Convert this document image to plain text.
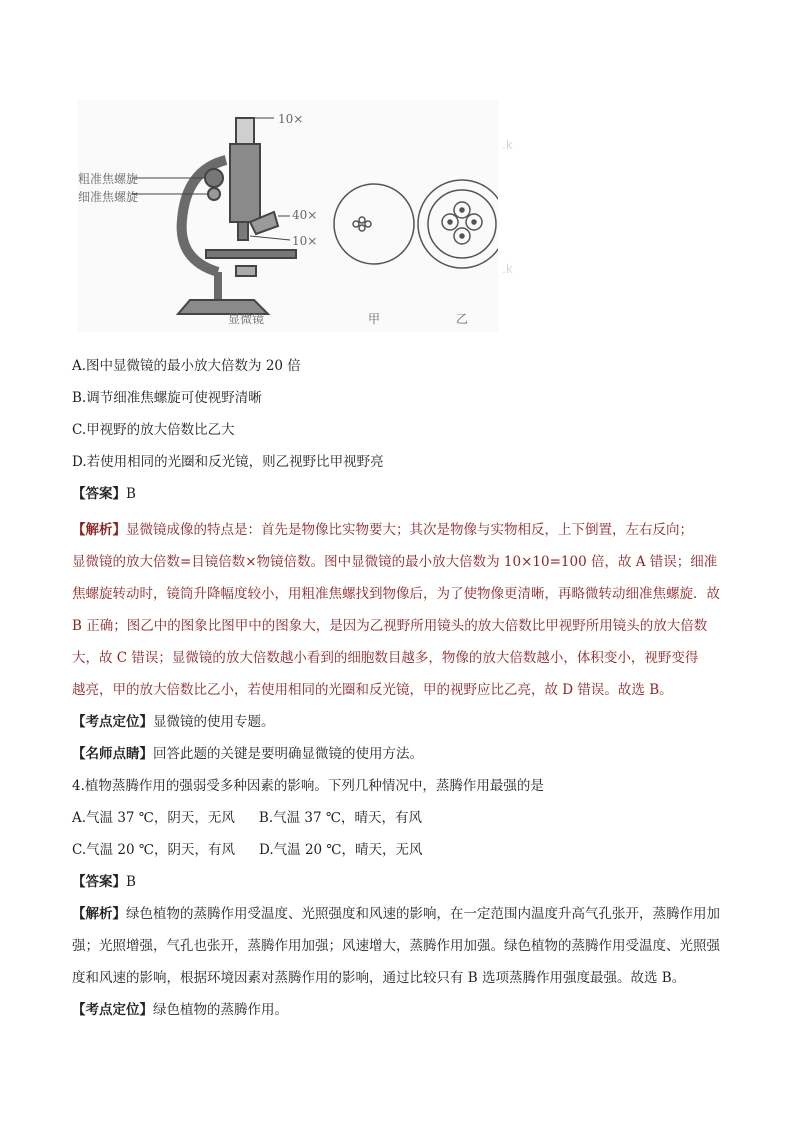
10×
粗准焦螺旋
细准焦螺旋
40×
10×
显微镜	甲	乙
.k
.k
A.图中显微镜的最小放大倍数为 20 倍
B.调节细准焦螺旋可使视野清晰
C.甲视野的放大倍数比乙大
D.若使用相同的光圈和反光镜，则乙视野比甲视野亮
【答案】B
【解析】显微镜成像的特点是：首先是物像比实物要大；其次是物像与实物相反，上下倒置，左右反向；
显微镜的放大倍数=目镜倍数×物镜倍数。图中显微镜的最小放大倍数为 10×10=100 倍，故 A 错误；细准
焦螺旋转动时，镜筒升降幅度较小，用粗准焦螺找到物像后，为了使物像更清晰，再略微转动细准焦螺旋．故
B 正确；图乙中的图象比图甲中的图象大，是因为乙视野所用镜头的放大倍数比甲视野所用镜头的放大倍数
大，故 C 错误；显微镜的放大倍数越小看到的细胞数目越多，物像的放大倍数越小，体积变小，视野变得
越亮，甲的放大倍数比乙小，若使用相同的光圈和反光镜，甲的视野应比乙亮，故 D 错误。故选 B。
【考点定位】显微镜的使用专题。
【名师点睛】回答此题的关键是要明确显微镜的使用方法。
4.植物蒸腾作用的强弱受多种因素的影响。下列几种情况中，蒸腾作用最强的是
A.气温 37 ℃，阴天，无风 B.气温 37 ℃，晴天，有风
C.气温 20 ℃，阴天，有风 D.气温 20 ℃，晴天，无风
【答案】B
【解析】绿色植物的蒸腾作用受温度、光照强度和风速的影响，在一定范围内温度升高气孔张开，蒸腾作用加强；光照增强，气孔也张开，蒸腾作用加强；风速增大，蒸腾作用加强。绿色植物的蒸腾作用受温度、光照强度和风速的影响，根据环境因素对蒸腾作用的影响，通过比较只有 B 选项蒸腾作用强度最强。故选 B。
【考点定位】绿色植物的蒸腾作用。
